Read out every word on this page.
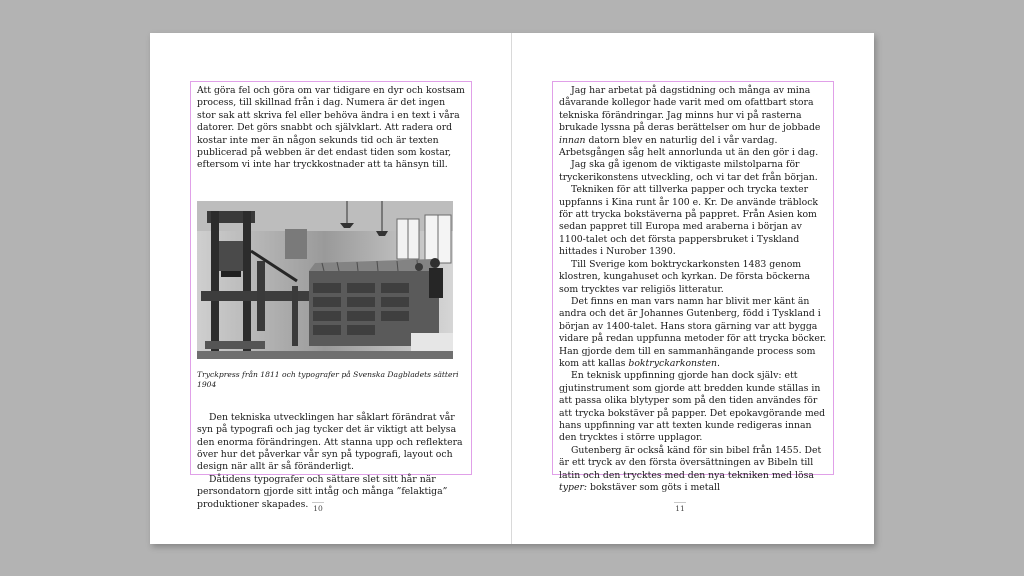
Att göra fel och göra om var tidigare en dyr och kostsam process, till skillnad från i dag. Numera är det ingen stor sak att skriva fel eller behöva ändra i en text i våra datorer. Det görs snabbt och självklart. Att radera ord kostar inte mer än någon sekunds tid och är texten publicerad på webben är det endast tiden som kostar, eftersom vi inte har tryckkostnader att ta hänsyn till.

Tryckpress från 1811 och typografer på Svenska Dagbladets sätteri 1904

Den tekniska utvecklingen har såklart förändrat vår syn på typografi och jag tycker det är viktigt att belysa den enorma förändringen. Att stanna upp och reflektera över hur det påverkar vår syn på typografi, layout och design när allt är så föränderligt.

Dåtidens typografer och sättare slet sitt hår när persondatorn gjorde sitt intåg och många ”felaktiga” produktioner skapades. 10

Jag har arbetat på dagstidning och många av mina dåvarande kollegor hade varit med om ofattbart stora tekniska förändringar. Jag minns hur vi på rasterna brukade lyssna på deras berättelser om hur de jobbade innan datorn blev en naturlig del i vår vardag. Arbetsgången såg helt annorlunda ut än den gör i dag.

Jag ska gå igenom de viktigaste milstolparna för tryckerikonstens utveckling, och vi tar det från början.

Tekniken för att tillverka papper och trycka texter uppfanns i Kina runt år 100 e. Kr. De använde träblock för att trycka bokstäverna på pappret. Från Asien kom sedan pappret till Europa med araberna i början av 1100-talet och det första pappersbruket i Tyskland hittades i Nurober 1390.

Till Sverige kom boktryckarkonsten 1483 genom klostren, kungahuset och kyrkan. De första böckerna som trycktes var religiös litteratur.

Det finns en man vars namn har blivit mer känt än andra och det är Johannes Gutenberg, född i Tyskland i början av 1400-talet. Hans stora gärning var att bygga vidare på redan uppfunna metoder för att trycka böcker. Han gjorde dem till en sammanhängande process som kom att kallas boktryckarkonsten.

En teknisk uppfinning gjorde han dock själv: ett gjutinstrument som gjorde att bredden kunde ställas in att passa olika blytyper som på den tiden användes för att trycka bokstäver på papper. Det epokavgörande med hans uppfinning var att texten kunde redigeras innan den trycktes i större upplagor.

Gutenberg är också känd för sin bibel från 1455. Det är ett tryck av den första översättningen av Bibeln till latin och den trycktes med den nya tekniken med lösa typer: bokstäver som göts i metall

11
